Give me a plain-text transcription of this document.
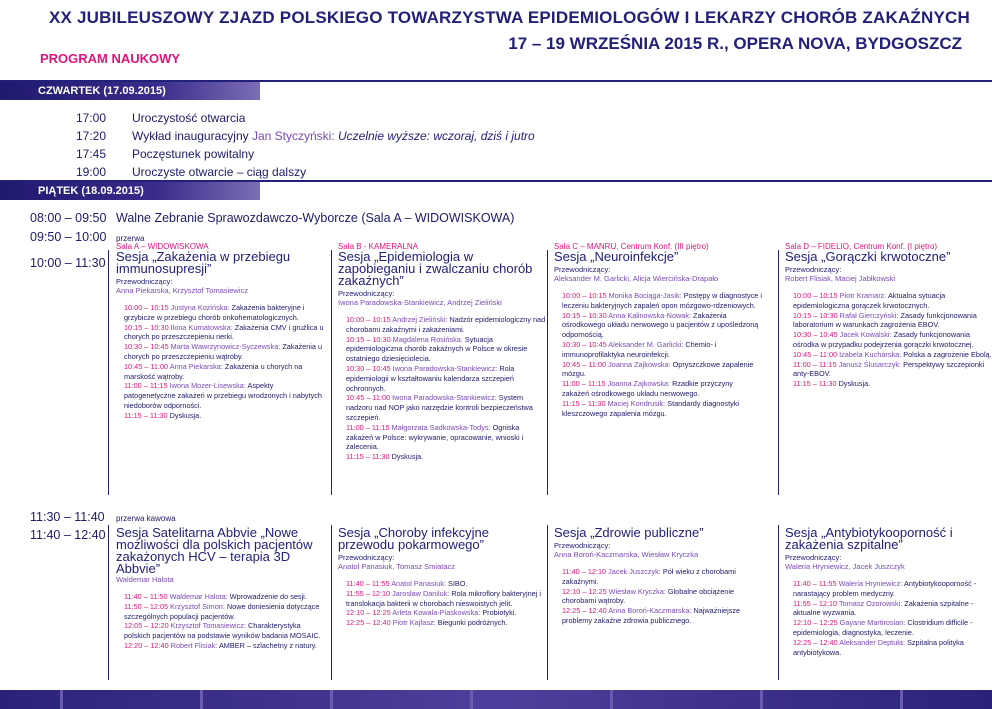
XX JUBILEUSZOWY ZJAZD POLSKIEGO TOWARZYSTWA EPIDEMIOLOGÓW I LEKARZY CHORÓB ZAKAŹNYCH
17 – 19 WRZEŚNIA 2015 R., OPERA NOVA, BYDGOSZCZ
PROGRAM NAUKOWY
CZWARTEK (17.09.2015)
17:00 Uroczystość otwarcia
17:20 Wykład inauguracyjny Jan Styczyński: Uczelnie wyższe: wczoraj, dziś i jutro
17:45 Poczęstunek powitalny
19:00 Uroczyste otwarcie – ciąg dalszy
PIĄTEK (18.09.2015)
08:00 – 09:50 Walne Zebranie Sprawozdawczo-Wyborcze (Sala A – WIDOWISKOWA)
09:50 – 10:00 przerwa
10:00 – 11:30
11:30 – 11:40 przerwa kawowa
11:40 – 12:40
Sala A – WIDOWISKOWA
Sesja „Zakażenia w przebiegu immunosupresji”
Przewodniczący:
Anna Piekarska, Krzysztof Tomasiewicz
10:00 – 10:15 Justyna Kozińska: Zakażenia bakteryjne i grzybicze w przebiegu chorób onkohematologicznych.
10:15 – 10:30 Ilona Kurnatowska: Zakażenia CMV i gruźlica u chorych po przeszczepieniu nerki.
10:30 – 10:45 Marta Wawrzynowicz-Syczewska: Zakażenia u chorych po przeszczepieniu wątroby.
10:45 – 11:00 Anna Piekarska: Zakażenia u chorych na marskość wątroby.
11:00 – 11:15 Iwona Mozer-Lisewska: Aspekty patogenetyczne zakażeń w przebiegu wrodzonych i nabytych niedoborów odporności.
11:15 – 11:30 Dyskusja.
Sala B - KAMERALNA
Sesja „Epidemiologia w zapobieganiu i zwalczaniu chorób zakaźnych”
Przewodniczący:
Iwona Paradowska-Stankiewicz, Andrzej Zieliński
10:00 – 10:15 Andrzej Zieliński: Nadzór epidemiologiczny nad chorobami zakaźnymi i zakażeniami.
10:15 – 10:30 Magdalena Rosińska: Sytuacja epidemiologiczna chorób zakaźnych w Polsce w okresie ostatniego dziesięciolecia.
10:30 – 10:45 Iwona Paradowska-Stankiewicz: Rola epidemiologii w kształtowaniu kalendarza szczepień ochronnych.
10:45 – 11:00 Iwona Paradowska-Stankiewicz: System nadzoru nad NOP jako narzędzie kontroli bezpieczeństwa szczepień.
11:00 – 11:15 Małgorzata Sadkowska-Todys: Ogniska zakażeń w Polsce: wykrywanie, opracowanie, wnioski i zalecenia.
11:15 – 11:30 Dyskusja.
Sala C – MANRU, Centrum Konf. (III piętro)
Sesja „Neuroinfekcje”
Przewodniczący:
Aleksander M. Garlicki, Alicja Wiercińska-Drapało
10:00 – 10:15 Monika Bociąga-Jasik: Postępy w diagnostyce i leczeniu bakteryjnych zapaleń opon mózgowo-rdzeniowych.
10:15 – 10:30 Anna Kalinowska-Nowak: Zakażenia ośrodkowego układu nerwowego u pacjentów z upośledzoną odpornością.
10:30 – 10:45 Aleksander M. Garlicki: Chemio- i immunoprofilaktyka neuroinfekcji.
10:45 – 11:00 Joanna Zajkowska: Opryszczkowe zapalenie mózgu.
11:00 – 11:15 Joanna Zajkowska: Rzadkie przyczyny zakażeń ośrodkowego układu nerwowego.
11:15 – 11:30 Maciej Kondrusik: Standardy diagnostyki kleszczowego zapalenia mózgu.
Sala D – FIDELIO, Centrum Konf. (I piętro)
Sesja „Gorączki krwotoczne”
Przewodniczący:
Robert Flisiak, Maciej Jabłkowski
10:00 – 10:15 Piotr Kramarz: Aktualna sytuacja epidemiologiczna gorączek krwotocznych.
10:15 – 10:30 Rafał Gierczyński: Zasady funkcjonowania laboratorium w warunkach zagrożenia EBOV.
10:30 – 10:45 Jacek Kowalski: Zasady funkcjonowania ośrodka w przypadku podejrzenia gorączki krwotocznej.
10:45 – 11:00 Izabela Kucharska: Polska a zagrożenie Ebolą.
11:00 – 11:15 Janusz Ślusarczyk: Perspektywy szczepionki anty-EBOV.
11:15 – 11:30 Dyskusja.
Sesja Satelitarna Abbvie „Nowe możliwości dla polskich pacjentów zakażonych HCV – terapia 3D Abbvie”
Waldemar Halota
11:40 – 11:50 Waldemar Halota: Wprowadzenie do sesji.
11:50 – 12:05 Krzysztof Simon: Nowe doniesienia dotyczące szczególnych populacji pacjentów.
12:05 – 12:20 Krzysztof Tomasiewicz: Charakterystyka polskich pacjentów na podstawie wyników badania MOSAIC.
12:20 – 12:40 Robert Flisiak: AMBER – szlachetny z natury.
Sesja „Choroby infekcyjne przewodu pokarmowego”
Przewodniczący:
Anatol Panasiuk, Tomasz Smiatacz
11:40 – 11:55 Anatol Panasiuk: SIBO.
11:55 – 12:10 Jarosław Daniluk: Rola mikroflory bakteryjnej i translokacja bakterii w chorobach nieswoistych jelit.
12:10 – 12:25 Arleta Kowala-Piaskowska: Probiotyki.
12:25 – 12:40 Piotr Kajfasz: Biegunki podróżnych.
Sesja „Zdrowie publiczne”
Przewodniczący:
Anna Boroń-Kaczmarska, Wiesław Kryczka
11:40 – 12:10 Jacek Juszczyk: Pół wieku z chorobami zakaźnymi.
12:10 – 12:25 Wiesław Kryczka: Globalne obciążenie chorobami wątroby.
12:25 – 12:40 Anna Boroń-Kaczmarska: Najważniejsze problemy zakaźne zdrowia publicznego.
Sesja „Antybiotykooporność i zakażenia szpitalne”
Przewodniczący:
Waleria Hryniewicz, Jacek Juszczyk
11:40 – 11:55 Waleria Hryniewicz: Antybiotykooporność - narastający problem medyczny.
11:55 – 12:10 Tomasz Ozorowski: Zakażenia szpitalne - aktualne wyzwania.
12:10 – 12:25 Gayane Martirosian: Clostridium difficile - epidemiologia, diagnostyka, leczenie.
12:25 – 12:40 Aleksander Deptuła: Szpitalna polityka antybiotykowa.
